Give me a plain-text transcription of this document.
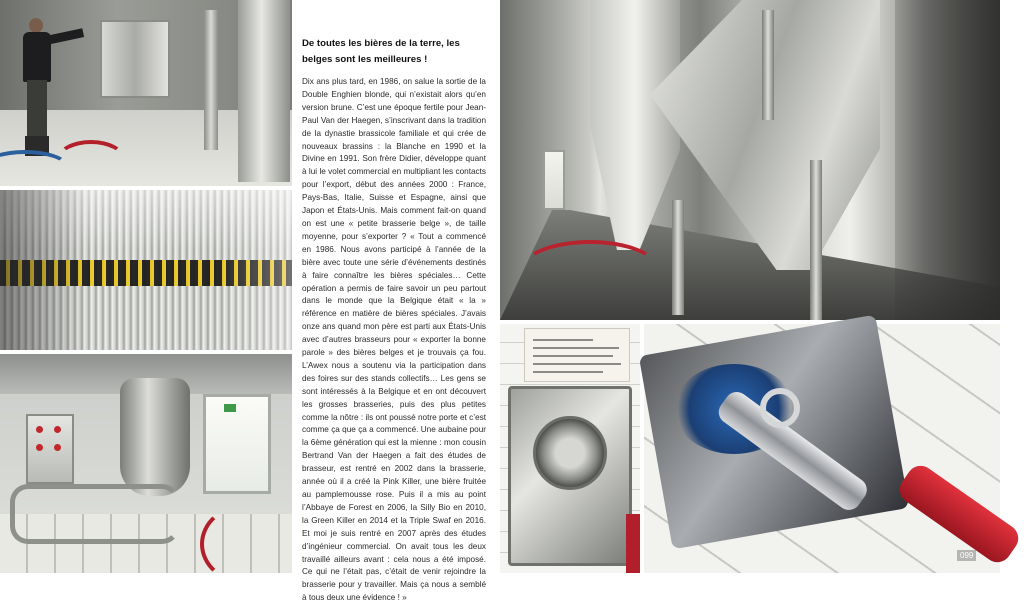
De toutes les bières de la terre, les belges sont les meilleures !

Dix ans plus tard, en 1986, on salue la sortie de la Double Enghien blonde, qui n’existait alors qu’en version brune. C’est une époque fertile pour Jean-Paul Van der Haegen, s’inscrivant dans la tradition de la dynastie brassicole familiale et qui crée de nouveaux brassins : la Blanche en 1990 et la Divine en 1991. Son frère Didier, développe quant à lui le volet commercial en multipliant les contacts pour l’export, début des années 2000 : France, Pays-Bas, Italie, Suisse et Espagne, ainsi que Japon et États-Unis. Mais comment fait-on quand on est une « petite brasserie belge », de taille moyenne, pour s’exporter ? « Tout a commencé en 1986. Nous avons participé à l’année de la bière avec toute une série d’événements destinés à faire connaître les bières spéciales… Cette opération a permis de faire savoir un peu partout dans le monde que la Belgique était « la » référence en matière de bières spéciales. J’avais onze ans quand mon père est parti aux États-Unis avec d’autres brasseurs pour « exporter la bonne parole » des bières belges et je trouvais ça fou. L’Awex nous a soutenu via la participation dans des foires sur des stands collectifs… Les gens se sont intéressés à la Belgique et en ont découvert les grosses brasseries, puis des plus petites comme la nôtre : ils ont poussé notre porte et c’est comme ça que ça a commencé. Une aubaine pour la 6ème génération qui est la mienne : mon cousin Bertrand Van der Haegen a fait des études de brasseur, est rentré en 2002 dans la brasserie, année où il a créé la Pink Killer, une bière fruitée au pamplemousse rose. Puis il a mis au point l’Abbaye de Forest en 2006, la Silly Bio en 2010, la Green Killer en 2014 et la Triple Swaf en 2016. Et moi je suis rentré en 2007 après des études d’ingénieur commercial. On avait tous les deux travaillé ailleurs avant : cela nous a été imposé. Ce qui ne l’était pas, c’était de venir rejoindre la brasserie pour y travailler. Mais ça nous a semblé à tous deux une évidence ! »

099
